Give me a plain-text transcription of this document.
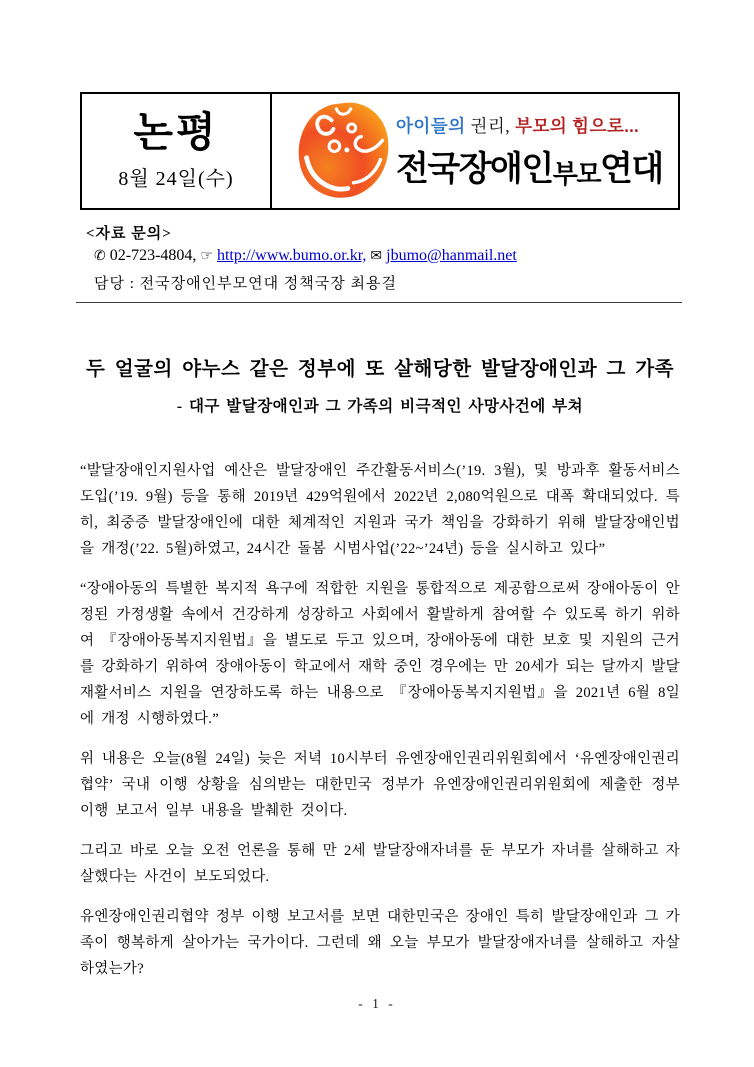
논평
8월 24일(수)
아이들의 권리, 부모의 힘으로...
전국장애인부모연대
<자료 문의>
✆ 02-723-4804, ☞ http://www.bumo.or.kr, ✉ jbumo@hanmail.net
담당 : 전국장애인부모연대 정책국장 최용걸
두 얼굴의 야누스 같은 정부에 또 살해당한 발달장애인과 그 가족
- 대구 발달장애인과 그 가족의 비극적인 사망사건에 부쳐

“발달장애인지원사업 예산은 발달장애인 주간활동서비스(’19. 3월), 및 방과후 활동서비스 도입(’19. 9월) 등을 통해 2019년 429억원에서 2022년 2,080억원으로 대폭 확대되었다. 특히, 최중증 발달장애인에 대한 체계적인 지원과 국가 책임을 강화하기 위해 발달장애인법을 개정(’22. 5월)하였고, 24시간 돌봄 시범사업(’22~’24년) 등을 실시하고 있다”

“장애아동의 특별한 복지적 욕구에 적합한 지원을 통합적으로 제공함으로써 장애아동이 안정된 가정생활 속에서 건강하게 성장하고 사회에서 활발하게 참여할 수 있도록 하기 위하여 『장애아동복지지원법』을 별도로 두고 있으며, 장애아동에 대한 보호 및 지원의 근거를 강화하기 위하여 장애아동이 학교에서 재학 중인 경우에는 만 20세가 되는 달까지 발달재활서비스 지원을 연장하도록 하는 내용으로 『장애아동복지지원법』을 2021년 6월 8일에 개정 시행하였다.”

위 내용은 오늘(8월 24일) 늦은 저녁 10시부터 유엔장애인권리위원회에서 ‘유엔장애인권리협약’ 국내 이행 상황을 심의받는 대한민국 정부가 유엔장애인권리위원회에 제출한 정부 이행 보고서 일부 내용을 발췌한 것이다.

그리고 바로 오늘 오전 언론을 통해 만 2세 발달장애자녀를 둔 부모가 자녀를 살해하고 자살했다는 사건이 보도되었다.

유엔장애인권리협약 정부 이행 보고서를 보면 대한민국은 장애인 특히 발달장애인과 그 가족이 행복하게 살아가는 국가이다. 그런데 왜 오늘 부모가 발달장애자녀를 살해하고 자살하였는가?

- 1 -
